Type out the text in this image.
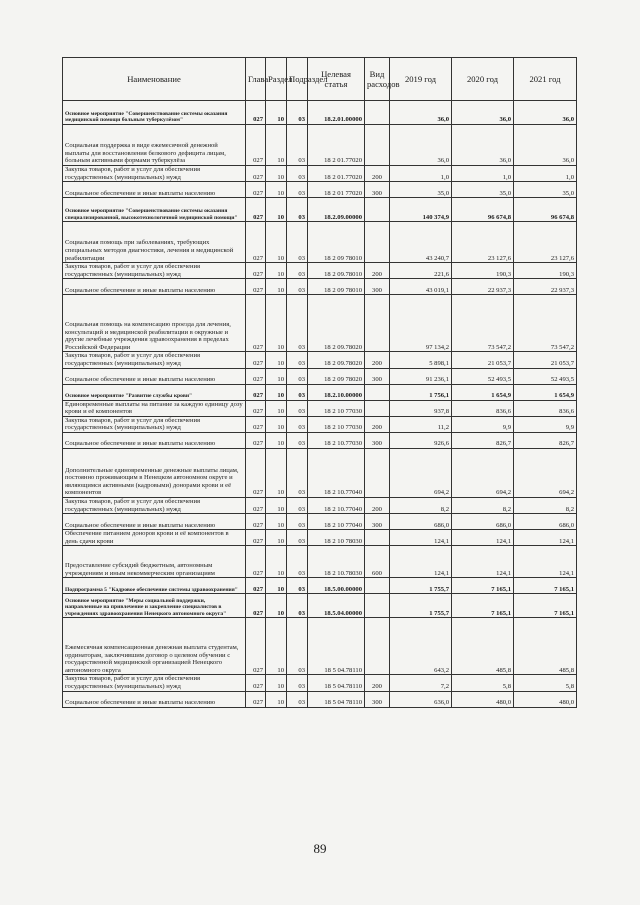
Наименование	Глава	Раздел	Подраздел	Целевая статья	Вид расходов	2019 год	2020 год	2021 год
Основное мероприятие "Совершенствование системы оказания медицинской помощи больным туберкулёзом"	027	10	03	18.2.01.00000		36,0	36,0	36,0
Социальная поддержка в виде ежемесячной денежной выплаты для восстановления белкового дефицита лицам, больным активными формами туберкулёза	027	10	03	18 2 01.77020		36,0	36,0	36,0
Закупка товаров, работ и услуг для обеспечения государственных (муниципальных) нужд	027	10	03	18 2 01.77020	200	1,0	1,0	1,0
Социальное обеспечение и иные выплаты населению	027	10	03	18 2 01 77020	300	35,0	35,0	35,0
Основное мероприятие "Совершенствование системы оказания специализированной, высокотехнологичной медицинской помощи"	027	10	03	18.2.09.00000		140 374,9	96 674,8	96 674,8
Социальная помощь при заболеваниях, требующих специальных методов диагностики, лечения и медицинской реабилитации	027	10	03	18 2 09 78010		43 240,7	23 127,6	23 127,6
Закупка товаров, работ и услуг для обеспечения государственных (муниципальных) нужд	027	10	03	18 2 09.78010	200	221,6	190,3	190,3
Социальное обеспечение и иные выплаты населению	027	10	03	18 2 09 78010	300	43 019,1	22 937,3	22 937,3
Социальная помощь на компенсацию проезда для лечения, консультаций и медицинской реабилитации в окружные и другие лечебные учреждения здравоохранения в пределах Российской Федерации	027	10	03	18 2 09.78020		97 134,2	73 547,2	73 547,2
Закупка товаров, работ и услуг для обеспечения государственных (муниципальных) нужд	027	10	03	18 2 09.78020	200	5 898,1	21 053,7	21 053,7
Социальное обеспечение и иные выплаты населению	027	10	03	18 2 09 78020	300	91 236,1	52 493,5	52 493,5
Основное мероприятие "Развитие службы крови"	027	10	03	18.2.10.00000		1 756,1	1 654,9	1 654,9
Единовременные выплаты на питание за каждую единицу дозу крови и её компонентов	027	10	03	18 2 10 77030		937,8	836,6	836,6
Закупка товаров, работ и услуг для обеспечения государственных (муниципальных) нужд	027	10	03	18 2 10 77030	200	11,2	9,9	9,9
Социальное обеспечение и иные выплаты населению	027	10	03	18 2 10.77030	300	926,6	826,7	826,7
Дополнительные единовременные денежные выплаты лицам, постоянно проживающим в Ненецком автономном округе и являющимся активными (кадровыми) донорами крови и её компонентов	027	10	03	18 2 10.77040		694,2	694,2	694,2
Закупка товаров, работ и услуг для обеспечения государственных (муниципальных) нужд	027	10	03	18 2 10.77040	200	8,2	8,2	8,2
Социальное обеспечение и иные выплаты населению	027	10	03	18 2 10 77040	300	686,0	686,0	686,0
Обеспечение питанием доноров крови и её компонентов в день сдачи крови	027	10	03	18 2 10 78030		124,1	124,1	124,1
Предоставление субсидий бюджетным, автономным учреждениям и иным некоммерческим организациям	027	10	03	18 2 10.78030	600	124,1	124,1	124,1
Подпрограмма 5 "Кадровое обеспечение системы здравоохранения"	027	10	03	18.5.00.00000		1 755,7	7 165,1	7 165,1
Основное мероприятие "Меры социальной поддержки, направленные на привлечение и закрепление специалистов в учреждениях здравоохранения Ненецкого автономного округа"	027	10	03	18.5.04.00000		1 755,7	7 165,1	7 165,1
Ежемесячная компенсационная денежная выплата студентам, ординаторам, заключившим договор о целевом обучении с государственной медицинской организацией Ненецкого автономного округа	027	10	03	18 5 04.78110		643,2	485,8	485,8
Закупка товаров, работ и услуг для обеспечения государственных (муниципальных) нужд	027	10	03	18 5 04.78110	200	7,2	5,8	5,8
Социальное обеспечение и иные выплаты населению	027	10	03	18 5 04 78110	300	636,0	480,0	480,0
89
